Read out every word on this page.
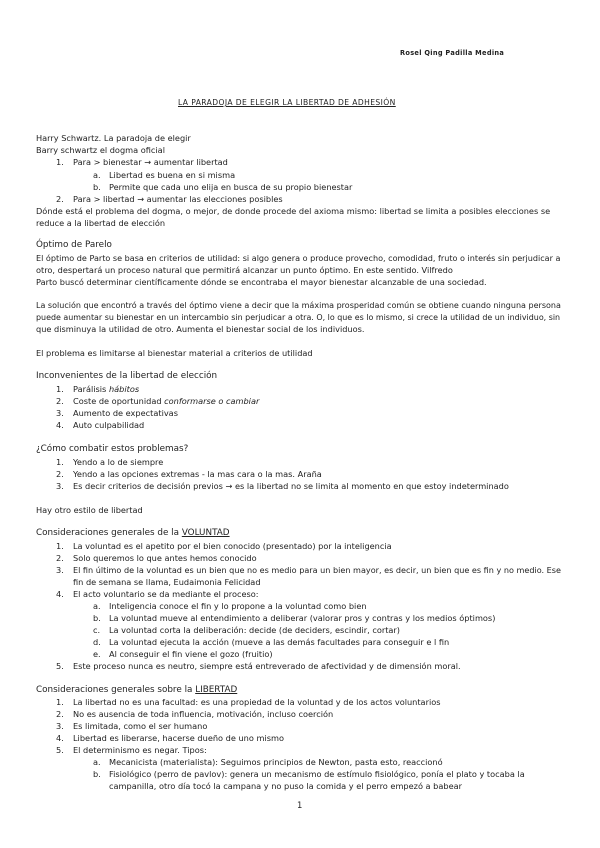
Rosel Qing Padilla Medina
LA PARADOJA DE ELEGIR LA LIBERTAD DE ADHESIÓN
Harry Schwartz. La paradoja de elegir
Barry schwartz el dogma oficial
1. Para > bienestar → aumentar libertad
a. Libertad es buena en si misma
b. Permite que cada uno elija en busca de su propio bienestar
2. Para > libertad → aumentar las elecciones posibles
Dónde está el problema del dogma, o mejor, de donde procede del axioma mismo: libertad se limita a posibles elecciones se
reduce a la libertad de elección
Óptimo de Parelo
El óptimo de Parto se basa en criterios de utilidad: si algo genera o produce provecho, comodidad, fruto o interés sin perjudicar a
otro, despertará un proceso natural que permitirá alcanzar un punto óptimo. En este sentido. Vilfredo
Parto buscó determinar científicamente dónde se encontraba el mayor bienestar alcanzable de una sociedad.
La solución que encontró a través del óptimo viene a decir que la máxima prosperidad común se obtiene cuando ninguna persona
puede aumentar su bienestar en un intercambio sin perjudicar a otra. O, lo que es lo mismo, si crece la utilidad de un individuo, sin
que disminuya la utilidad de otro. Aumenta el bienestar social de los individuos.
El problema es limitarse al bienestar material a criterios de utilidad
Inconvenientes de la libertad de elección
1. Parálisis hábitos
2. Coste de oportunidad conformarse o cambiar
3. Aumento de expectativas
4. Auto culpabilidad
¿Cómo combatir estos problemas?
1. Yendo a lo de siempre
2. Yendo a las opciones extremas - la mas cara o la mas. Araña
3. Es decir criterios de decisión previos → es la libertad no se limita al momento en que estoy indeterminado
Hay otro estilo de libertad
Consideraciones generales de la VOLUNTAD
1. La voluntad es el apetito por el bien conocido (presentado) por la inteligencia
2. Solo queremos lo que antes hemos conocido
3. El fin último de la voluntad es un bien que no es medio para un bien mayor, es decir, un bien que es fin y no medio. Ese
fin de semana se llama, Eudaimonia Felicidad
4. El acto voluntario se da mediante el proceso:
a. Inteligencia conoce el fin y lo propone a la voluntad como bien
b. La voluntad mueve al entendimiento a deliberar (valorar pros y contras y los medios óptimos)
c. La voluntad corta la deliberación: decide (de deciders, escindir, cortar)
d. La voluntad ejecuta la acción (mueve a las demás facultades para conseguir e l fin
e. Al conseguir el fin viene el gozo (fruitio)
5. Este proceso nunca es neutro, siempre está entreverado de afectividad y de dimensión moral.
Consideraciones generales sobre la LIBERTAD
1. La libertad no es una facultad: es una propiedad de la voluntad y de los actos voluntarios
2. No es ausencia de toda influencia, motivación, incluso coerción
3. Es limitada, como el ser humano
4. Libertad es liberarse, hacerse dueño de uno mismo
5. El determinismo es negar. Tipos:
a. Mecanicista (materialista): Seguimos principios de Newton, pasta esto, reaccionó
b. Fisiológico (perro de pavlov): genera un mecanismo de estímulo fisiológico, ponía el plato y tocaba la
campanilla, otro día tocó la campana y no puso la comida y el perro empezó a babear
1
